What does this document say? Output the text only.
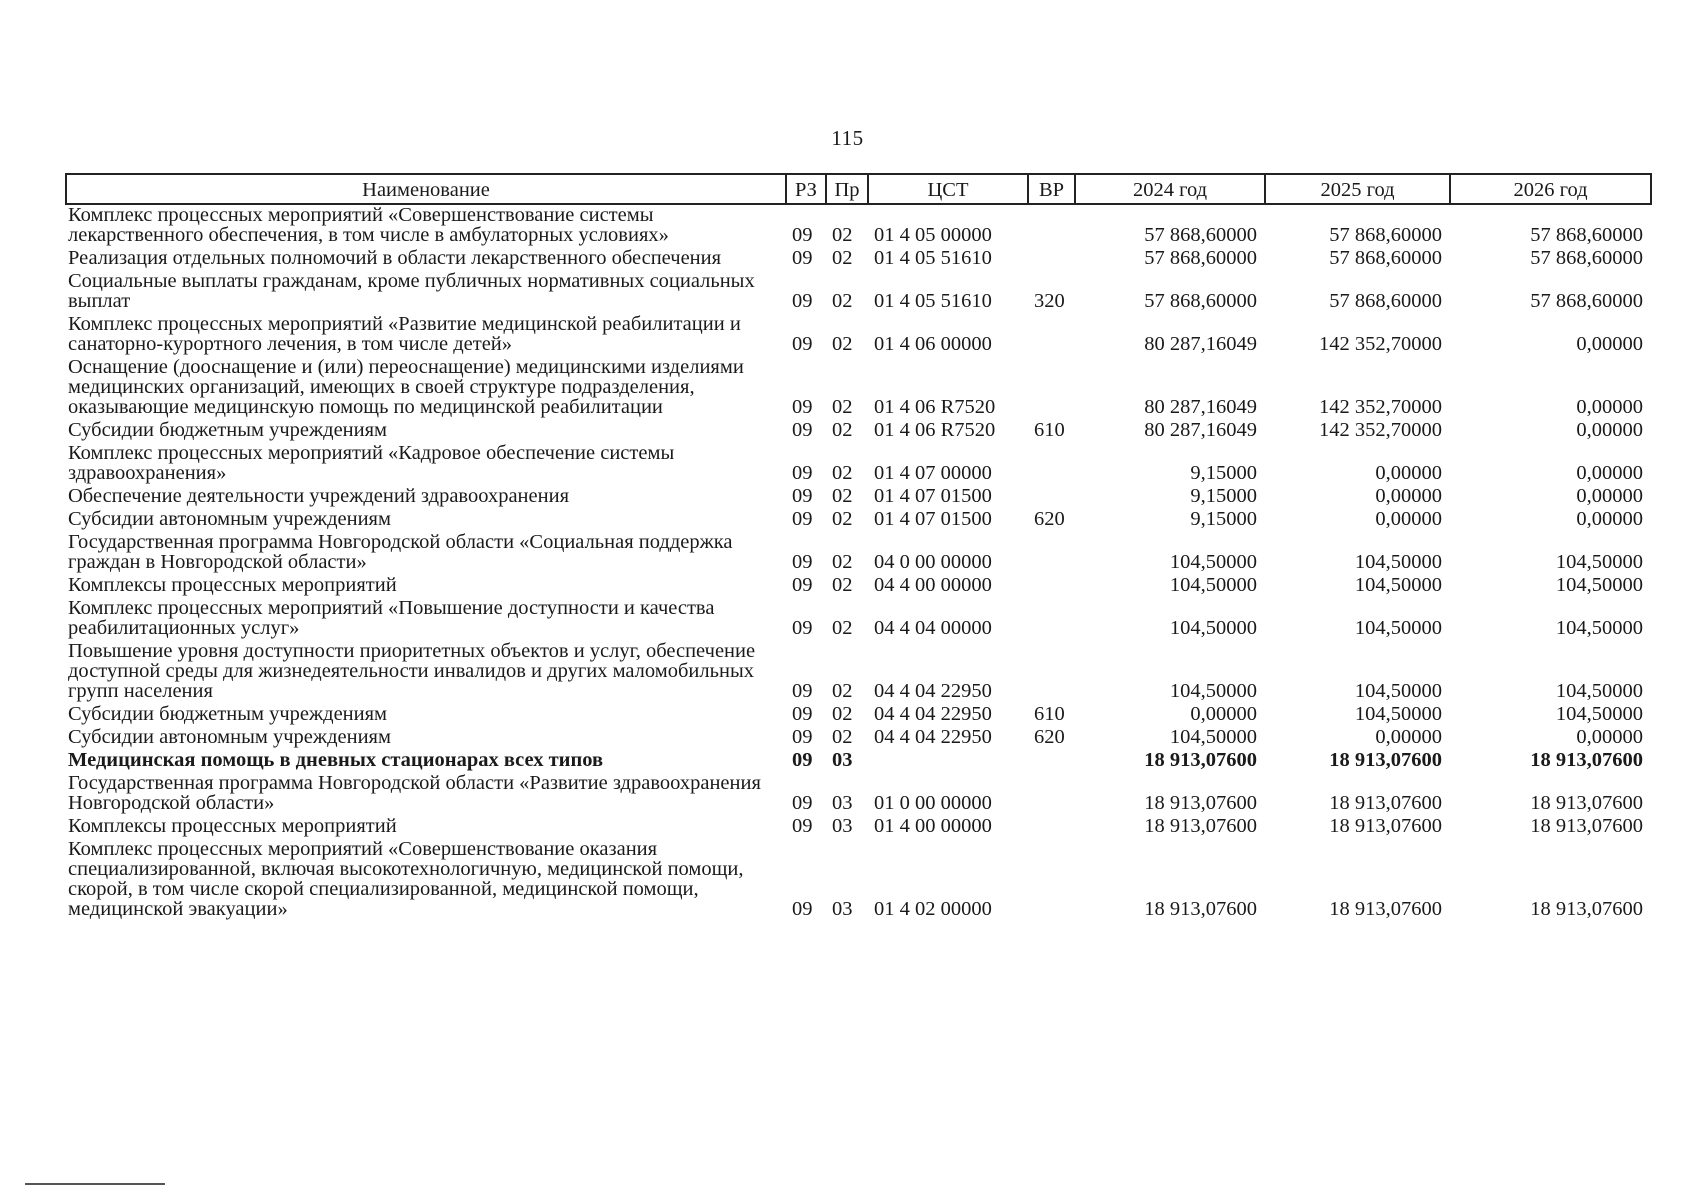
115
Наименование	РЗ	Пр	ЦСТ	ВР	2024 год	2025 год	2026 год
Комплекс процессных мероприятий «Совершенствование системы лекарственного обеспечения, в том числе в амбулаторных условиях»	09	02	01 4 05 00000		57 868,60000	57 868,60000	57 868,60000
Реализация отдельных полномочий в области лекарственного обеспечения	09	02	01 4 05 51610		57 868,60000	57 868,60000	57 868,60000
Социальные выплаты гражданам, кроме публичных нормативных социальных выплат	09	02	01 4 05 51610	320	57 868,60000	57 868,60000	57 868,60000
Комплекс процессных мероприятий «Развитие медицинской реабилитации и санаторно-курортного лечения, в том числе детей»	09	02	01 4 06 00000		80 287,16049	142 352,70000	0,00000
Оснащение (дооснащение и (или) переоснащение) медицинскими изделиями медицинских организаций, имеющих в своей структуре подразделения, оказывающие медицинскую помощь по медицинской реабилитации	09	02	01 4 06 R7520		80 287,16049	142 352,70000	0,00000
Субсидии бюджетным учреждениям	09	02	01 4 06 R7520	610	80 287,16049	142 352,70000	0,00000
Комплекс процессных мероприятий «Кадровое обеспечение системы здравоохранения»	09	02	01 4 07 00000		9,15000	0,00000	0,00000
Обеспечение деятельности учреждений здравоохранения	09	02	01 4 07 01500		9,15000	0,00000	0,00000
Субсидии автономным учреждениям	09	02	01 4 07 01500	620	9,15000	0,00000	0,00000
Государственная программа Новгородской области «Социальная поддержка граждан в Новгородской области»	09	02	04 0 00 00000		104,50000	104,50000	104,50000
Комплексы процессных мероприятий	09	02	04 4 00 00000		104,50000	104,50000	104,50000
Комплекс процессных мероприятий «Повышение доступности и качества реабилитационных услуг»	09	02	04 4 04 00000		104,50000	104,50000	104,50000
Повышение уровня доступности приоритетных объектов и услуг, обеспечение доступной среды для жизнедеятельности инвалидов и других маломобильных групп населения	09	02	04 4 04 22950		104,50000	104,50000	104,50000
Субсидии бюджетным учреждениям	09	02	04 4 04 22950	610	0,00000	104,50000	104,50000
Субсидии автономным учреждениям	09	02	04 4 04 22950	620	104,50000	0,00000	0,00000
Медицинская помощь в дневных стационарах всех типов	09	03			18 913,07600	18 913,07600	18 913,07600
Государственная программа Новгородской области «Развитие здравоохранения Новгородской области»	09	03	01 0 00 00000		18 913,07600	18 913,07600	18 913,07600
Комплексы процессных мероприятий	09	03	01 4 00 00000		18 913,07600	18 913,07600	18 913,07600
Комплекс процессных мероприятий «Совершенствование оказания специализированной, включая высокотехнологичную, медицинской помощи, скорой, в том числе скорой специализированной, медицинской помощи, медицинской эвакуации»	09	03	01 4 02 00000		18 913,07600	18 913,07600	18 913,07600
